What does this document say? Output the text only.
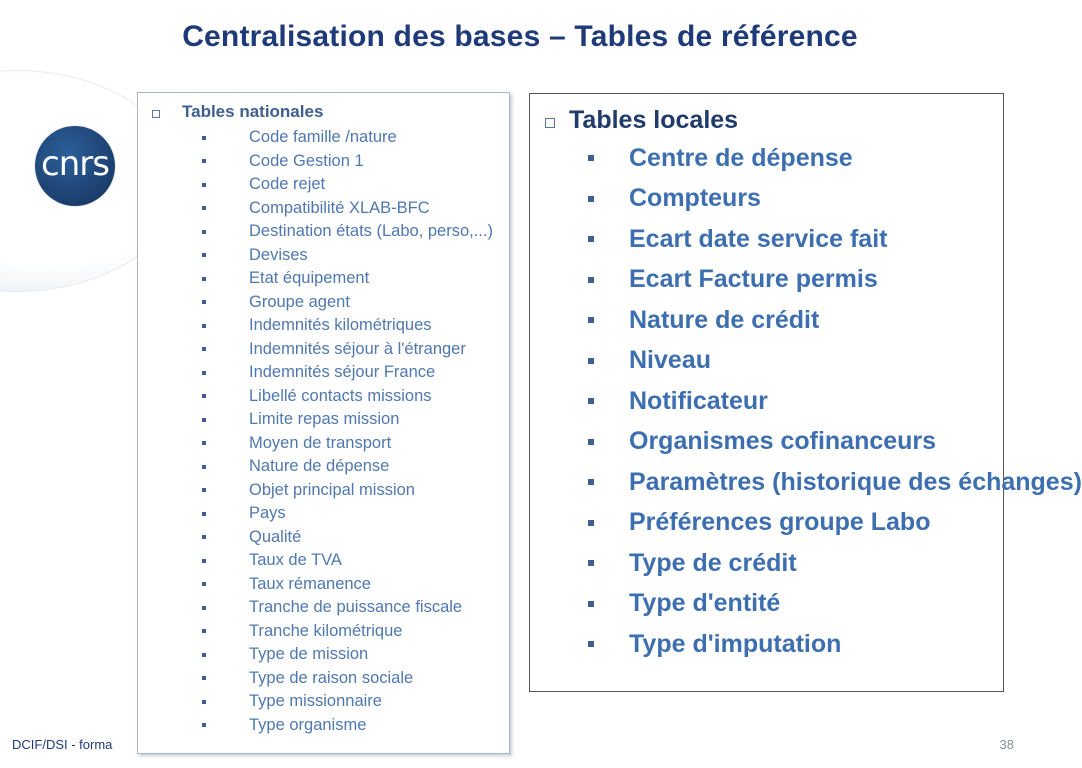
Centralisation des bases – Tables de référence
cnrs
Tables nationales
Code famille /nature
Code Gestion 1
Code rejet
Compatibilité XLAB-BFC
Destination états (Labo, perso,...)
Devises
Etat équipement
Groupe agent
Indemnités kilométriques
Indemnités séjour à l'étranger
Indemnités séjour France
Libellé contacts missions
Limite repas mission
Moyen de transport
Nature de dépense
Objet principal mission
Pays
Qualité
Taux de TVA
Taux rémanence
Tranche de puissance fiscale
Tranche kilométrique
Type de mission
Type de raison sociale
Type missionnaire
Type organisme
Tables locales
Centre de dépense
Compteurs
Ecart date service fait
Ecart Facture permis
Nature de crédit
Niveau
Notificateur
Organismes cofinanceurs
Paramètres (historique des échanges)
Préférences groupe Labo
Type de crédit
Type d'entité
Type d'imputation
DCIF/DSI - forma	38
